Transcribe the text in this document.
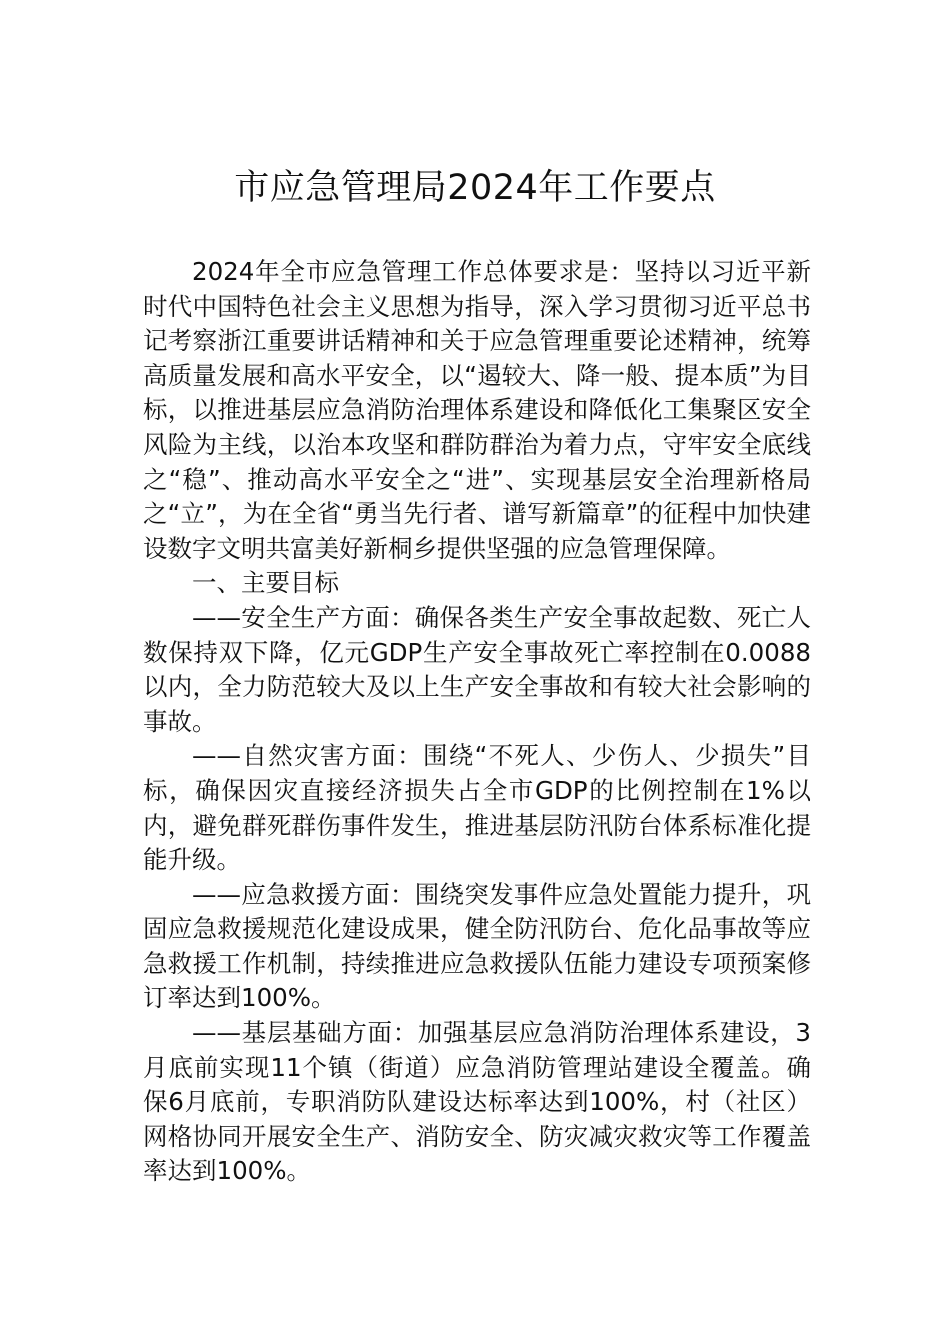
市应急管理局2024年工作要点

2024年全市应急管理工作总体要求是：坚持以习近平新时代中国特色社会主义思想为指导，深入学习贯彻习近平总书记考察浙江重要讲话精神和关于应急管理重要论述精神，统筹高质量发展和高水平安全，以“遏较大、降一般、提本质”为目标，以推进基层应急消防治理体系建设和降低化工集聚区安全风险为主线，以治本攻坚和群防群治为着力点，守牢安全底线之“稳”、推动高水平安全之“进”、实现基层安全治理新格局之“立”，为在全省“勇当先行者、谱写新篇章”的征程中加快建设数字文明共富美好新桐乡提供坚强的应急管理保障。

一、主要目标

——安全生产方面：确保各类生产安全事故起数、死亡人数保持双下降，亿元GDP生产安全事故死亡率控制在0.0088以内，全力防范较大及以上生产安全事故和有较大社会影响的事故。

——自然灾害方面：围绕“不死人、少伤人、少损失”目标，确保因灾直接经济损失占全市GDP的比例控制在1%以内，避免群死群伤事件发生，推进基层防汛防台体系标准化提能升级。

——应急救援方面：围绕突发事件应急处置能力提升，巩固应急救援规范化建设成果，健全防汛防台、危化品事故等应急救援工作机制，持续推进应急救援队伍能力建设专项预案修订率达到100%。

——基层基础方面：加强基层应急消防治理体系建设，3月底前实现11个镇（街道）应急消防管理站建设全覆盖。确保6月底前，专职消防队建设达标率达到100%，村（社区）网格协同开展安全生产、消防安全、防灾减灾救灾等工作覆盖率达到100%。
